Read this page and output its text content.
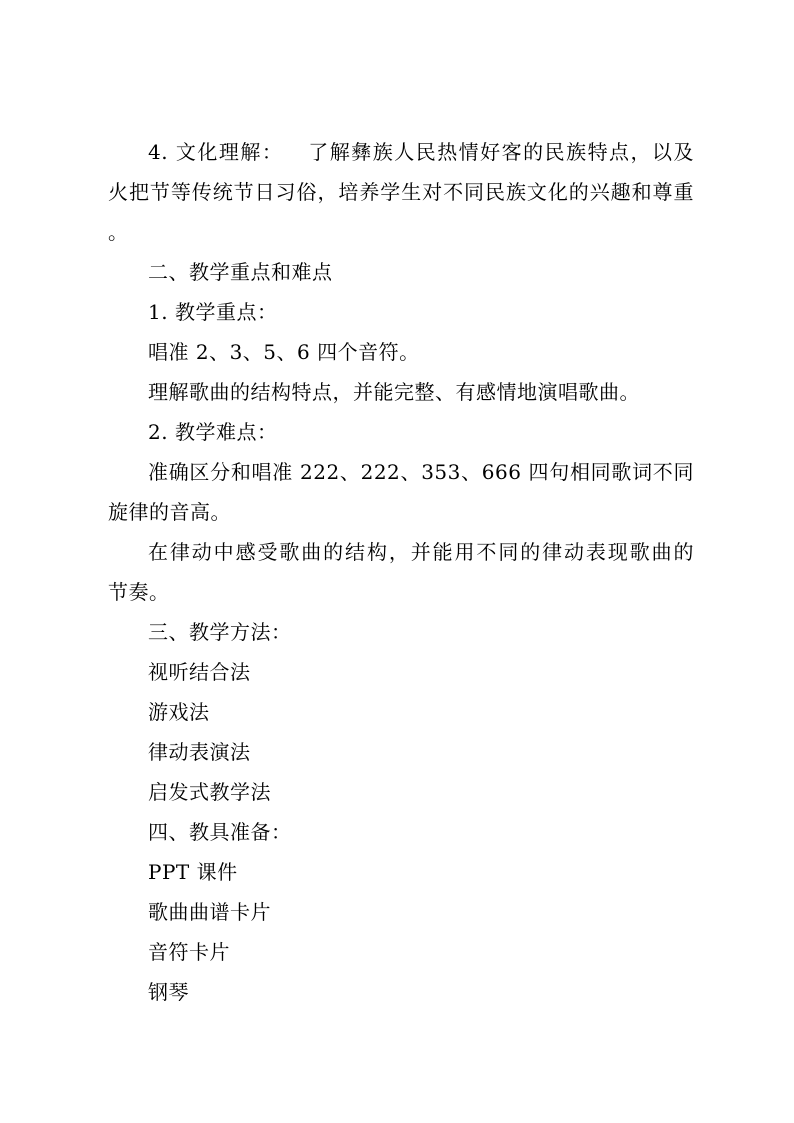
4. 文化理解： 了解彝族人民热情好客的民族特点，以及
火把节等传统节日习俗，培养学生对不同民族文化的兴趣和尊重
。
二、教学重点和难点
1. 教学重点：
唱准 2、3、5、6 四个音符。
理解歌曲的结构特点，并能完整、有感情地演唱歌曲。
2. 教学难点：
准确区分和唱准 222、222、353、666 四句相同歌词不同
旋律的音高。
在律动中感受歌曲的结构，并能用不同的律动表现歌曲的
节奏。
三、教学方法：
视听结合法
游戏法
律动表演法
启发式教学法
四、教具准备：
PPT 课件
歌曲曲谱卡片
音符卡片
钢琴
